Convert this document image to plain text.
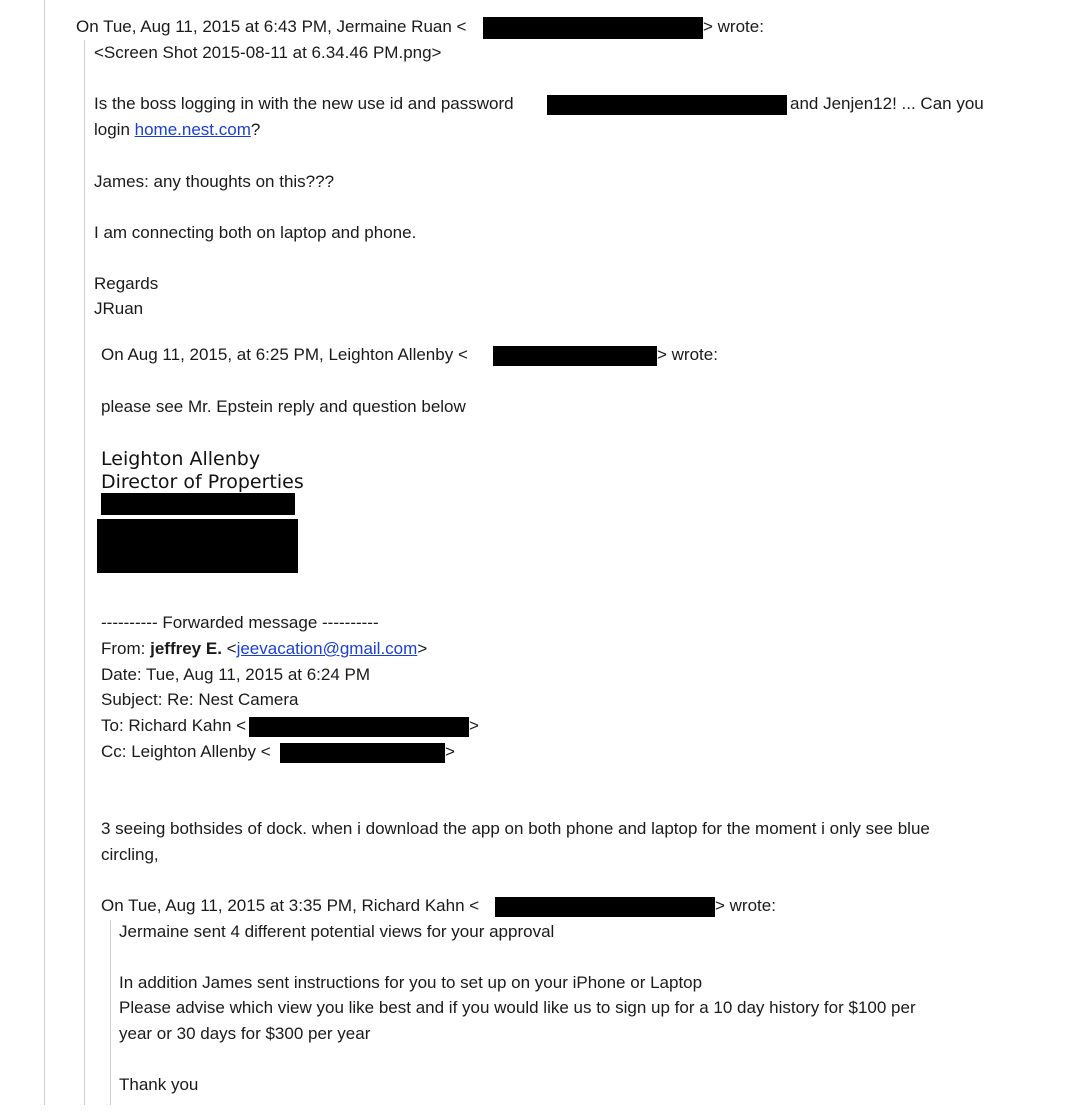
On Tue, Aug 11, 2015 at 6:43 PM, Jermaine Ruan <	> wrote:
<Screen Shot 2015-08-11 at 6.34.46 PM.png>
Is the boss logging in with the new use id and password	and Jenjen12! ... Can you
login home.nest.com?
James: any thoughts on this???
I am connecting both on laptop and phone.
Regards
JRuan
On Aug 11, 2015, at 6:25 PM, Leighton Allenby <	> wrote:
please see Mr. Epstein reply and question below
Leighton Allenby
Director of Properties
---------- Forwarded message ----------
From: jeffrey E. <jeevacation@gmail.com>
Date: Tue, Aug 11, 2015 at 6:24 PM
Subject: Re: Nest Camera
To: Richard Kahn <	>
Cc: Leighton Allenby <	>
3 seeing bothsides of dock. when i download the app on both phone and laptop for the moment i only see blue
circling,
On Tue, Aug 11, 2015 at 3:35 PM, Richard Kahn <	> wrote:
Jermaine sent 4 different potential views for your approval
In addition James sent instructions for you to set up on your iPhone or Laptop
Please advise which view you like best and if you would like us to sign up for a 10 day history for $100 per
year or 30 days for $300 per year
Thank you
